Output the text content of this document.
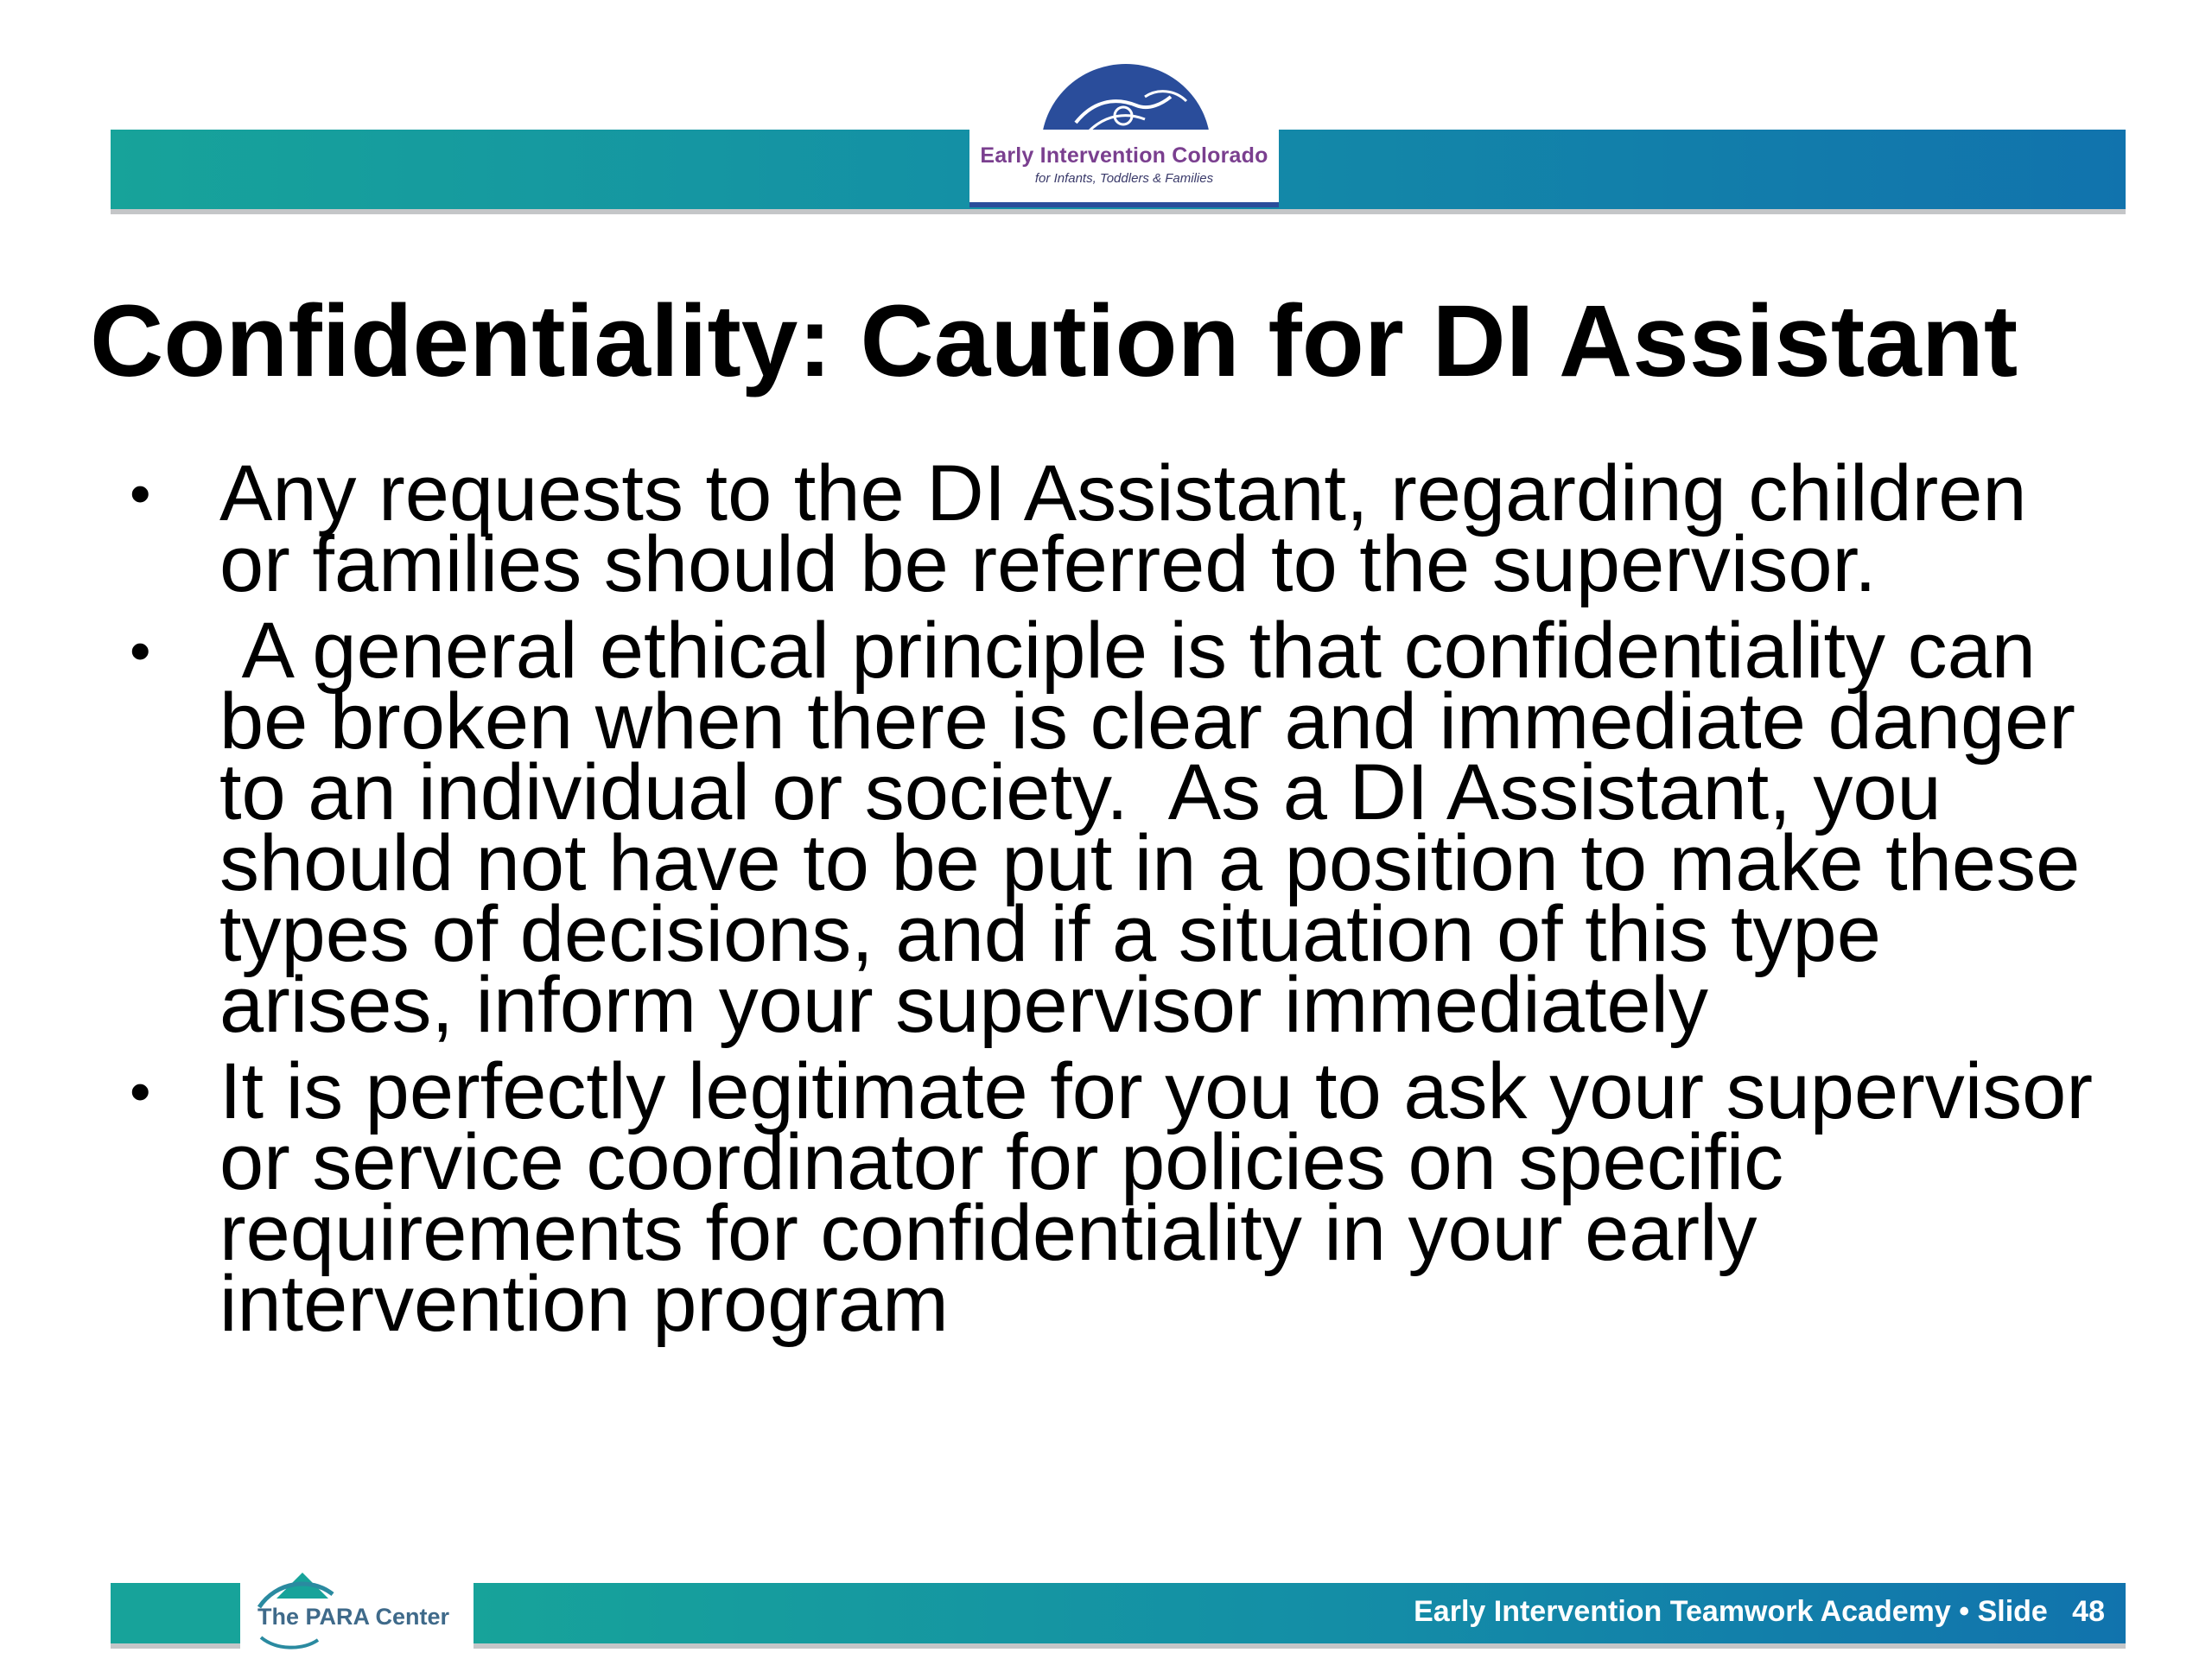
Early Intervention Colorado
for Infants, Toddlers & Families
Confidentiality: Caution for DI Assistant
• Any requests to the DI Assistant, regarding children or families should be referred to the supervisor.
• A general ethical principle is that confidentiality can be broken when there is clear and immediate danger to an individual or society.  As a DI Assistant, you should not have to be put in a position to make these types of decisions, and if a situation of this type arises, inform your supervisor immediately
• It is perfectly legitimate for you to ask your supervisor or service coordinator for policies on specific requirements for confidentiality in your early intervention program
The PARA Center	Early Intervention Teamwork Academy • Slide   48
